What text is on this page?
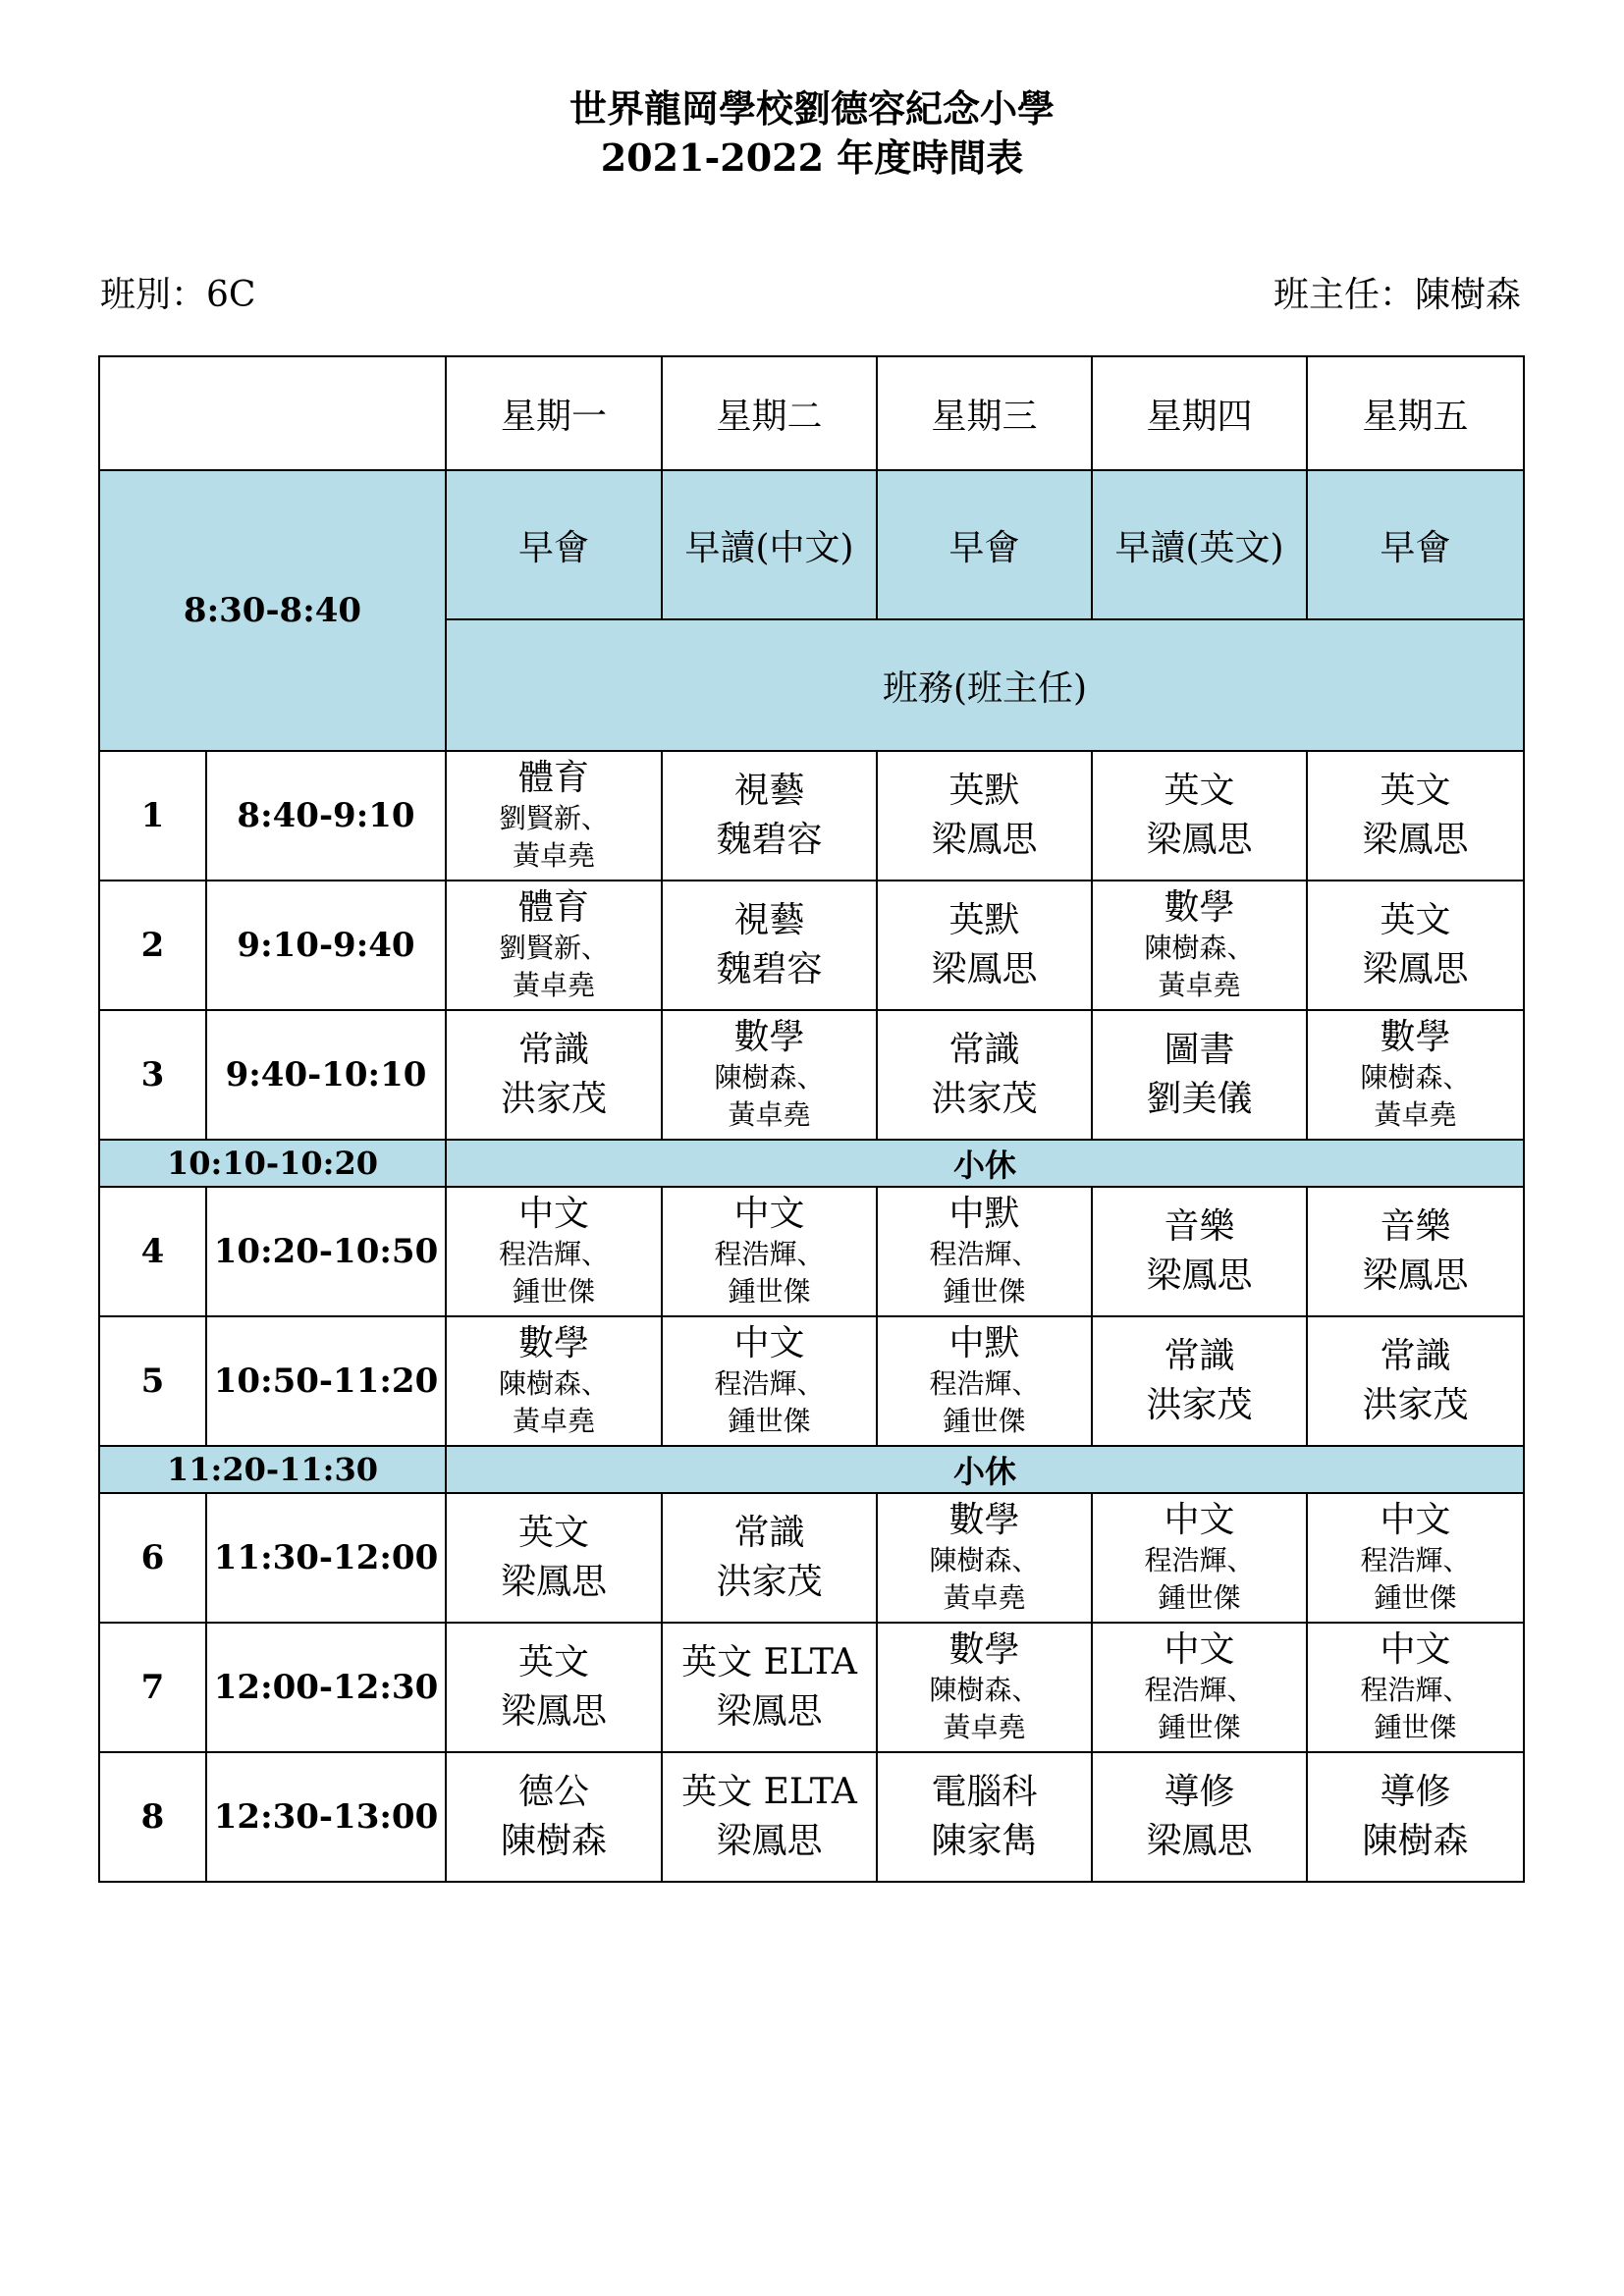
世界龍岡學校劉德容紀念小學
2021-2022 年度時間表
班別：6C	班主任：陳樹森
		星期一	星期二	星期三	星期四	星期五
8:30-8:40		早會	早讀(中文)	早會	早讀(英文)	早會
		班務(班主任)				
1	8:40-9:10	體育
劉賢新、
黃卓堯	視藝
魏碧容	英默
梁鳳思	英文
梁鳳思	英文
梁鳳思

2	9:10-9:40	體育
劉賢新、
黃卓堯	視藝
魏碧容	英默
梁鳳思	數學
陳樹森、
黃卓堯	英文
梁鳳思

3	9:40-10:10	常識
洪家茂	數學
陳樹森、
黃卓堯	常識
洪家茂	圖書
劉美儀	數學
陳樹森、
黃卓堯

10:10-10:20		小休				
4	10:20-10:50	中文
程浩輝、
鍾世傑	中文
程浩輝、
鍾世傑	中默
程浩輝、
鍾世傑	音樂
梁鳳思	音樂
梁鳳思

5	10:50-11:20	數學
陳樹森、
黃卓堯	中文
程浩輝、
鍾世傑	中默
程浩輝、
鍾世傑	常識
洪家茂	常識
洪家茂

11:20-11:30		小休				
6	11:30-12:00	英文
梁鳳思	常識
洪家茂	數學
陳樹森、
黃卓堯	中文
程浩輝、
鍾世傑	中文
程浩輝、
鍾世傑

7	12:00-12:30	英文
梁鳳思	英文 ELTA
梁鳳思	數學
陳樹森、
黃卓堯	中文
程浩輝、
鍾世傑	中文
程浩輝、
鍾世傑

8	12:30-13:00	德公
陳樹森	英文 ELTA
梁鳳思	電腦科
陳家雋	導修
梁鳳思	導修
陳樹森
